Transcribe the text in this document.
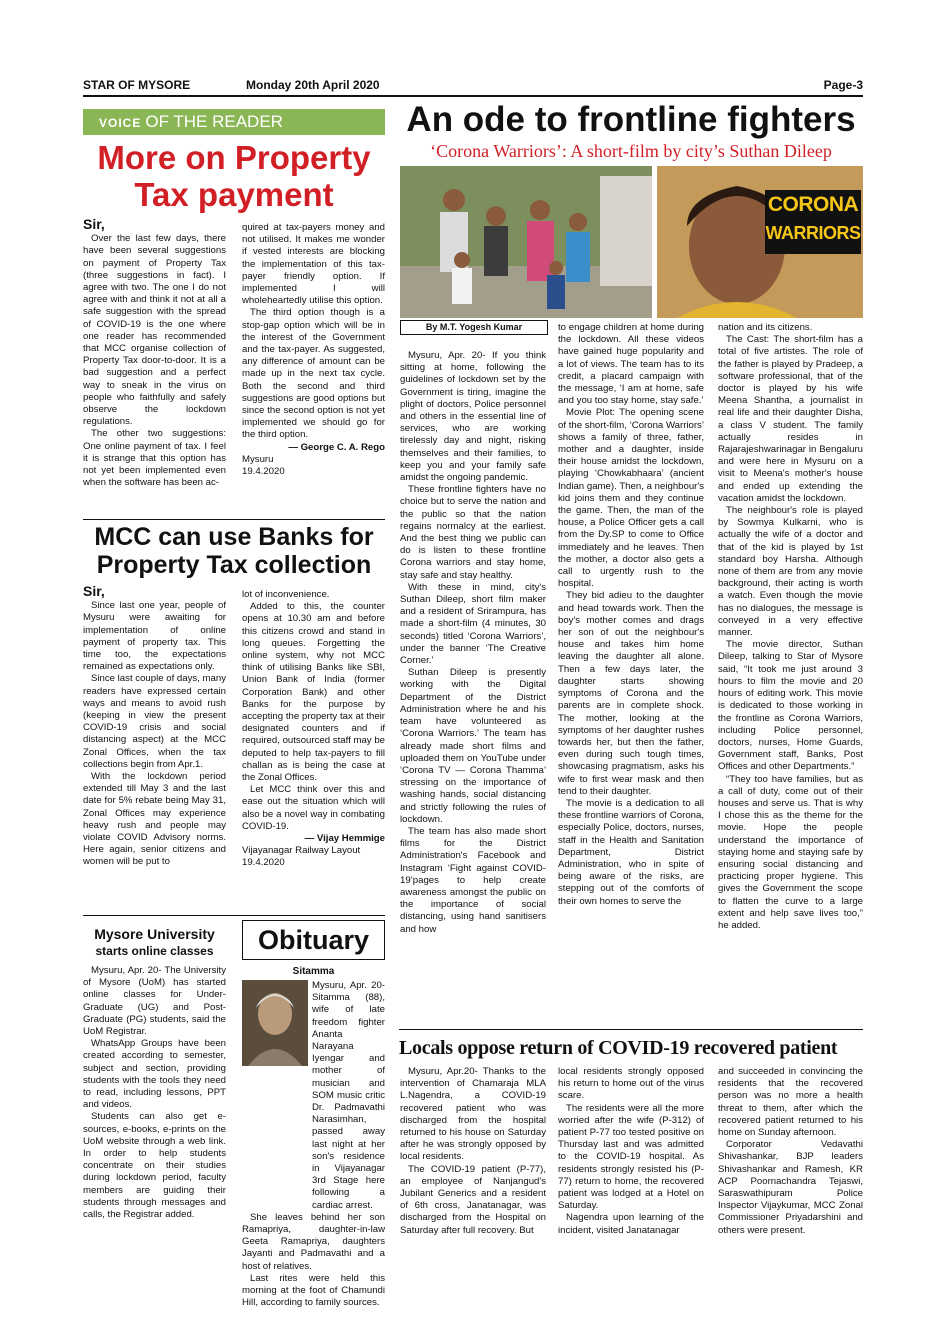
STAR OF MYSORE	Monday 20th April 2020	Page-3
VOICE OF THE READER
More on Property Tax payment

Sir,

Over the last few days, there have been several suggestions on payment of Property Tax (three suggestions in fact). I agree with two. The one I do not agree with and think it not at all a safe suggestion with the spread of COVID-19 is the one where one reader has recommended that MCC organise collection of Property Tax door-to-door. It is a bad suggestion and a perfect way to sneak in the virus on people who faithfully and safely observe the lockdown regulations.

The other two suggestions: One online payment of tax. I feel it is strange that this option has not yet been implemented even when the software has been ac-

quired at tax-payers money and not utilised. It makes me wonder if vested interests are blocking the implementation of this tax-payer friendly option. If implemented I will wholeheartedly utilise this option.

The third option though is a stop-gap option which will be in the interest of the Government and the tax-payer. As suggested, any difference of amount can be made up in the next tax cycle. Both the second and third suggestions are good options but since the second option is not yet implemented we should go for the third option.

— George C. A. Rego
Mysuru
19.4.2020
MCC can use Banks for Property Tax collection

Sir,

Since last one year, people of Mysuru were awaiting for implementation of online payment of property tax. This time too, the expectations remained as expectations only.

Since last couple of days, many readers have expressed certain ways and means to avoid rush (keeping in view the present COVID-19 crisis and social distancing aspect) at the MCC Zonal Offices, when the tax collections begin from Apr.1.

With the lockdown period extended till May 3 and the last date for 5% rebate being May 31, Zonal Offices may experience heavy rush and people may violate COVID Advisory norms. Here again, senior citizens and women will be put to

lot of inconvenience.

Added to this, the counter opens at 10.30 am and before this citizens crowd and stand in long queues. Forgetting the online system, why not MCC think of utilising Banks like SBI, Union Bank of India (former Corporation Bank) and other Banks for the purpose by accepting the property tax at their designated counters and if required, outsourced staff may be deputed to help tax-payers to fill challan as is being the case at the Zonal Offices.

Let MCC think over this and ease out the situation which will also be a novel way in combating COVID-19.

— Vijay Hemmige
Vijayanagar Railway Layout
19.4.2020
Mysore University
starts online classes

Mysuru, Apr. 20- The University of Mysore (UoM) has started online classes for Under-Graduate (UG) and Post-Graduate (PG) students, said the UoM Registrar.

WhatsApp Groups have been created according to semester, subject and section, providing students with the tools they need to read, including lessons, PPT and videos.

Students can also get e-sources, e-books, e-prints on the UoM website through a web link. In order to help students concentrate on their studies during lockdown period, faculty members are guiding their students through messages and calls, the Registrar added.

Obituary
Sitamma

Mysuru, Apr. 20- Sitamma (88), wife of late freedom fighter Ananta Narayana Iyengar and mother of musician and SOM music critic Dr. Padmavathi Narasimhan, passed away last night at her son's residence in Vijayanagar 3rd Stage here following a cardiac arrest.

She leaves behind her son Ramapriya, daughter-in-law Geeta Ramapriya, daughters Jayanti and Padmavathi and a host of relatives.

Last rites were held this morning at the foot of Chamundi Hill, according to family sources.

An ode to frontline fighters
‘Corona Warriors’: A short-film by city’s Suthan Dileep
CORONA
WARRIORS
By M.T. Yogesh Kumar

Mysuru, Apr. 20- If you think sitting at home, following the guidelines of lockdown set by the Government is tiring, imagine the plight of doctors, Police personnel and others in the essential line of services, who are working tirelessly day and night, risking themselves and their families, to keep you and your family safe amidst the ongoing pandemic.

These frontline fighters have no choice but to serve the nation and the public so that the nation regains normalcy at the earliest. And the best thing we public can do is listen to these frontline Corona warriors and stay home, stay safe and stay healthy.

With these in mind, city's Suthan Dileep, short film maker and a resident of Srirampura, has made a short-film (4 minutes, 30 seconds) titled ‘Corona Warriors’, under the banner ‘The Creative Corner.’

Suthan Dileep is presently working with the Digital Department of the District Administration where he and his team have volunteered as ‘Corona Warriors.’ The team has already made short films and uploaded them on YouTube under ‘Corona TV — Corona Thamma’ stressing on the importance of washing hands, social distancing and strictly following the rules of lockdown.

The team has also made short films for the District Administration's Facebook and Instagram ‘Fight against COVID-19’pages to help create awareness amongst the public on the importance of social distancing, using hand sanitisers and how

to engage children at home during the lockdown. All these videos have gained huge popularity and a lot of views. The team has to its credit, a placard campaign with the message, ‘I am at home, safe and you too stay home, stay safe.’

Movie Plot: The opening scene of the short-film, ‘Corona Warriors’ shows a family of three, father, mother and a daughter, inside their house amidst the lockdown, playing ‘Chowkabhaara’ (ancient Indian game). Then, a neighbour's kid joins them and they continue the game. Then, the man of the house, a Police Officer gets a call from the Dy.SP to come to Office immediately and he leaves. Then the mother, a doctor also gets a call to urgently rush to the hospital.

They bid adieu to the daughter and head towards work. Then the boy's mother comes and drags her son of out the neighbour's house and takes him home leaving the daughter all alone. Then a few days later, the daughter starts showing symptoms of Corona and the parents are in complete shock. The mother, looking at the symptoms of her daughter rushes towards her, but then the father, even during such tough times, showcasing pragmatism, asks his wife to first wear mask and then tend to their daughter.

The movie is a dedication to all these frontline warriors of Corona, especially Police, doctors, nurses, staff in the Health and Sanitation Department, District Administration, who in spite of being aware of the risks, are stepping out of the comforts of their own homes to serve the

nation and its citizens.

The Cast: The short-film has a total of five artistes. The role of the father is played by Pradeep, a software professional, that of the doctor is played by his wife Meena Shantha, a journalist in real life and their daughter Disha, a class V student. The family actually resides in Rajarajeshwarinagar in Bengaluru and were here in Mysuru on a visit to Meena's mother's house and ended up extending the vacation amidst the lockdown.

The neighbour's role is played by Sowmya Kulkarni, who is actually the wife of a doctor and that of the kid is played by 1st standard boy Harsha. Although none of them are from any movie background, their acting is worth a watch. Even though the movie has no dialogues, the message is conveyed in a very effective manner.

The movie director, Suthan Dileep, talking to Star of Mysore said, “It took me just around 3 hours to film the movie and 20 hours of editing work. This movie is dedicated to those working in the frontline as Corona Warriors, including Police personnel, doctors, nurses, Home Guards, Government staff, Banks, Post Offices and other Departments.”

“They too have families, but as a call of duty, come out of their houses and serve us. That is why I chose this as the theme for the movie. Hope the people understand the importance of staying home and staying safe by ensuring social distancing and practicing proper hygiene. This gives the Government the scope to flatten the curve to a large extent and help save lives too,” he added.

Locals oppose return of COVID-19 recovered patient

Mysuru, Apr.20- Thanks to the intervention of Chamaraja MLA L.Nagendra, a COVID-19 recovered patient who was discharged from the hospital returned to his house on Saturday after he was strongly opposed by local residents.

The COVID-19 patient (P-77), an employee of Nanjangud's Jubilant Generics and a resident of 6th cross, Janatanagar, was discharged from the Hospital on Saturday after full recovery. But

local residents strongly opposed his return to home out of the virus scare.

The residents were all the more worried after the wife (P-312) of patient P-77 too tested positive on Thursday last and was admitted to the COVID-19 hospital. As residents strongly resisted his (P-77) return to home, the recovered patient was lodged at a Hotel on Saturday.

Nagendra upon learning of the incident, visited Janatanagar

and succeeded in convincing the residents that the recovered person was no more a health threat to them, after which the recovered patient returned to his home on Sunday afternoon.

Corporator Vedavathi Shivashankar, BJP leaders Shivashankar and Ramesh, KR ACP Poornachandra Tejaswi, Saraswathipuram Police Inspector Vijaykumar, MCC Zonal Commissioner Priyadarshini and others were present.
